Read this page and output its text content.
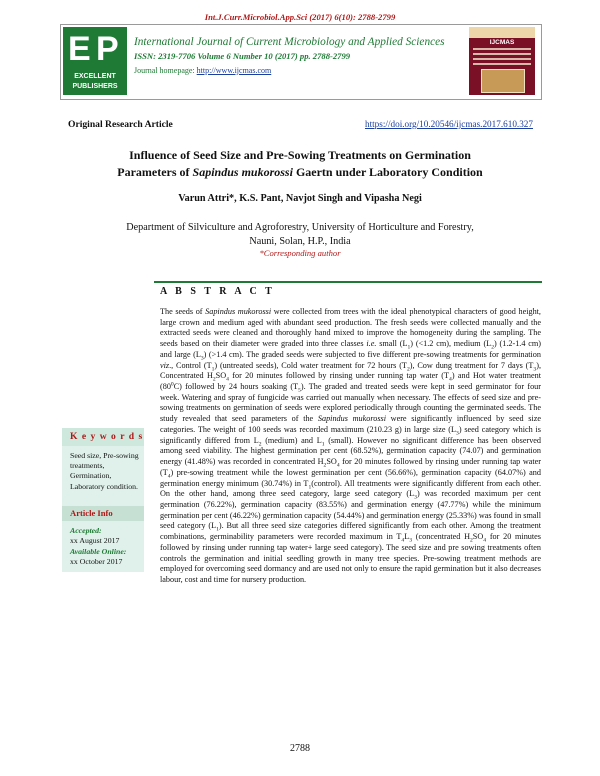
Int.J.Curr.Microbiol.App.Sci (2017) 6(10): 2788-2799
E P
EXCELLENT
PUBLISHERS
International Journal of Current Microbiology and Applied Sciences
ISSN: 2319-7706 Volume 6 Number 10 (2017) pp. 2788-2799
Journal homepage: http://www.ijcmas.com
IJCMAS
Original Research Article	https://doi.org/10.20546/ijcmas.2017.610.327
Influence of Seed Size and Pre-Sowing Treatments on Germination
Parameters of Sapindus mukorossi Gaertn under Laboratory Condition
Varun Attri*, K.S. Pant, Navjot Singh and Vipasha Negi
Department of Silviculture and Agroforestry, University of Horticulture and Forestry,
Nauni, Solan, H.P., India
*Corresponding author
A B S T R A C T
The seeds of Sapindus mukorossi were collected from trees with the ideal phenotypical characters of good height, large crown and medium aged with abundant seed production. The fresh seeds were collected manually and the extracted seeds were cleaned and thoroughly hand mixed to improve the homogeneity during the sampling. The seeds based on their diameter were graded into three classes i.e. small $(L_1)$ (<1.2 cm), medium $(L_2)$ (1.2-1.4 cm) and large $(L_3)$ (>1.4 cm). The graded seeds were subjected to five different pre-sowing treatments for germination viz., Control $(T_1)$ (untreated seeds), Cold water treatment for 72 hours $(T_2)$, Cow dung treatment for 7 days $(T_3)$, Concentrated $H_2SO_4$ for 20 minutes followed by rinsing under running tap water $(T_4)$ and Hot water treatment $(80^0C)$ followed by 24 hours soaking $(T_5)$. The graded and treated seeds were kept in seed germinator for four week. Watering and spray of fungicide was carried out manually when necessary. The effects of seed size and pre-sowing treatments on germination of seeds were explored periodically through counting the germinated seeds. The study revealed that seed parameters of the Sapindus mukorossi were significantly influenced by seed size categories. The weight of 100 seeds was recorded maximum (210.23 g) in large size $(L_3)$ seed category which is significantly differed from $L_2$ (medium) and $L_1$ (small). However no significant difference has been observed among seed viability. The highest germination per cent (68.52%), germination capacity (74.07) and germination energy (41.48%) was recorded in concentrated $H_2SO_4$ for 20 minutes followed by rinsing under running tap water $(T_4)$ pre-sowing treatment while the lowest germination per cent (56.66%), germination capacity (64.07%) and germination energy minimum (30.74%) in $T_1(control)$. All treatments were significantly different from each other. On the other hand, among three seed category, large seed category $(L_3)$ was recorded maximum per cent germination (76.22%), germination capacity (83.55%) and germination energy (47.77%) while the minimum germination per cent (46.22%) germination capacity (54.44%) and germination energy (25.33%) was found in small seed category $(L_1)$. But all three seed size categories differed significantly from each other. Among the treatment combinations, germinability parameters were recorded maximum in $T_4L_3$ (concentrated $H_2SO_4$ for 20 minutes followed by rinsing under running tap water+ large seed category). The seed size and pre sowing treatments often controls the germination and initial seedling growth in many tree species. Pre-sowing treatment methods are employed for overcoming seed dormancy and are used not only to ensure the rapid germination but it also decreases labour, cost and time for nursery production.
K e y w o r d s
Seed size, Pre-sowing treatments, Germination, Laboratory condition.
Article Info
Accepted:
xx August 2017
Available Online:
xx October 2017
2788
